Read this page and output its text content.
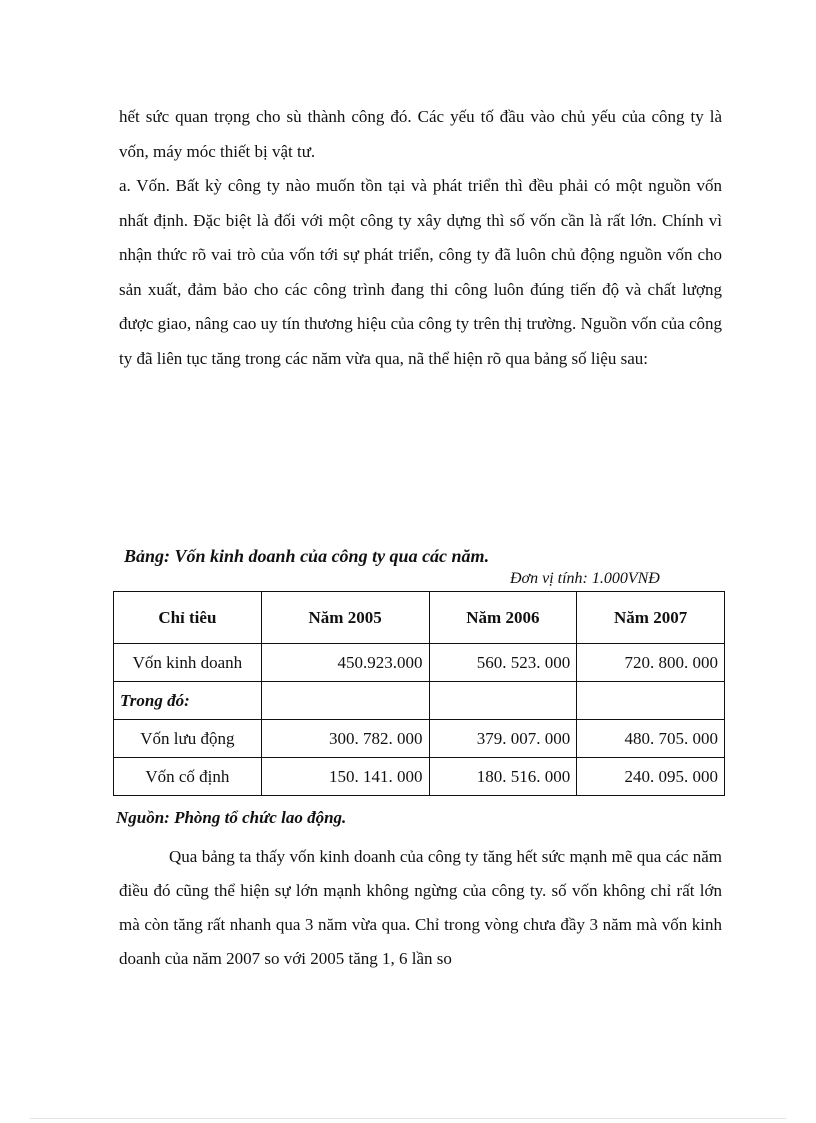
hết sức quan trọng cho sù thành công đó. Các yếu tố đầu vào chủ yếu của công ty là vốn, máy móc thiết bị vật tư.

a. Vốn. Bất kỳ công ty nào muốn tồn tại và phát triển thì đều phải có một nguồn vốn nhất định. Đặc biệt là đối với một công ty xây dựng thì số vốn cần là rất lớn. Chính vì nhận thức rõ vai trò của vốn tới sự phát triển, công ty đã luôn chủ động nguồn vốn cho sản xuất, đảm bảo cho các công trình đang thi công luôn đúng tiến độ và chất lượng được giao, nâng cao uy tín thương hiệu của công ty trên thị trường. Nguồn vốn của công ty đã liên tục tăng trong các năm vừa qua, nã thể hiện rõ qua bảng số liệu sau:

Bảng: Vốn kinh doanh của công ty qua các năm.
Đơn vị tính: 1.000VNĐ
Chỉ tiêu	Năm 2005	Năm 2006	Năm 2007
Vốn kinh doanh	450.923.000	560. 523. 000	720. 800. 000
Trong đó:			
Vốn lưu động	300. 782. 000	379. 007. 000	480. 705. 000
Vốn cố định	150. 141. 000	180. 516. 000	240. 095. 000
Nguồn: Phòng tổ chức lao động.

Qua bảng ta thấy vốn kinh doanh của công ty tăng hết sức mạnh mẽ qua các năm điều đó cũng thể hiện sự lớn mạnh không ngừng của công ty. số vốn không chỉ rất lớn mà còn tăng rất nhanh qua 3 năm vừa qua. Chỉ trong vòng chưa đầy 3 năm mà vốn kinh doanh của năm 2007 so với 2005 tăng 1, 6 lần so
